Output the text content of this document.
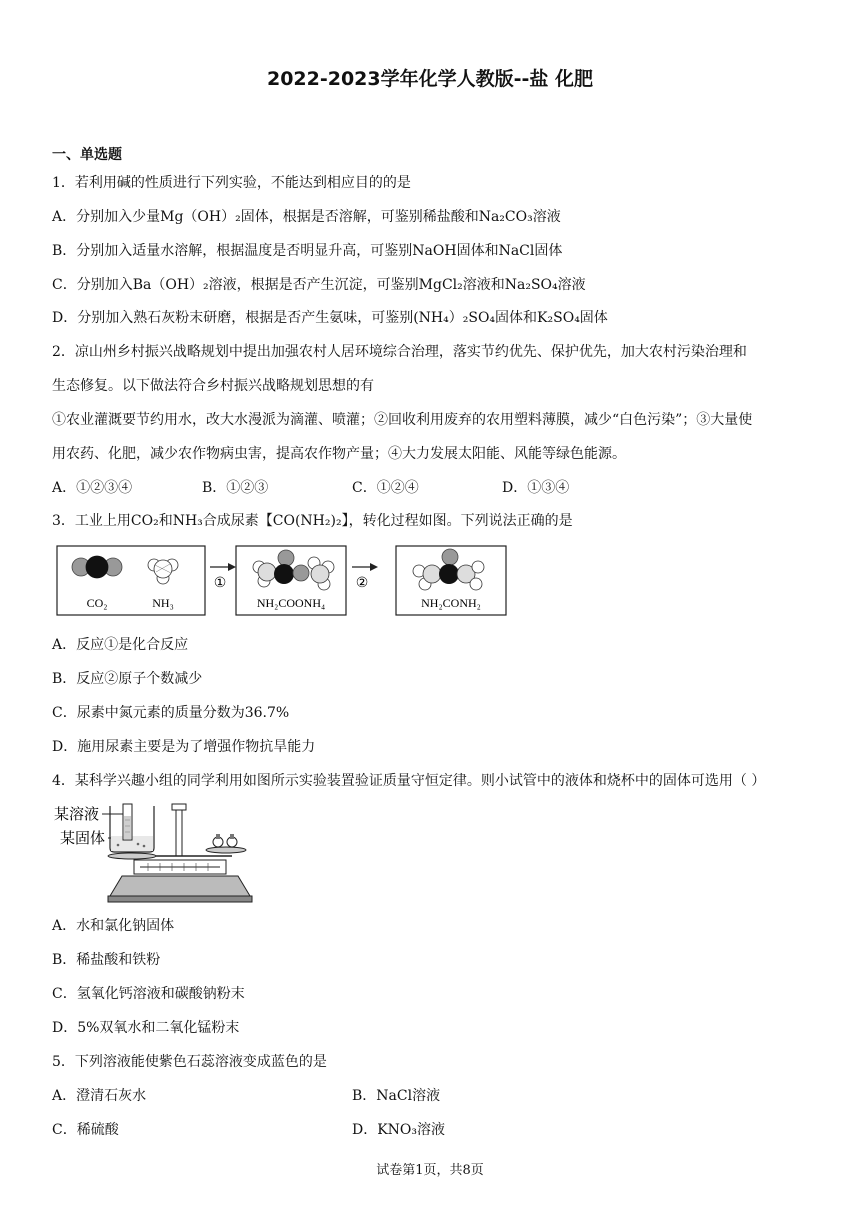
2022-2023学年化学人教版--盐 化肥
一、单选题
1．若利用碱的性质进行下列实验，不能达到相应目的的是
A．分别加入少量Mg（OH）₂固体，根据是否溶解，可鉴别稀盐酸和Na₂CO₃溶液
B．分别加入适量水溶解，根据温度是否明显升高，可鉴别NaOH固体和NaCl固体
C．分别加入Ba（OH）₂溶液，根据是否产生沉淀，可鉴别MgCl₂溶液和Na₂SO₄溶液
D．分别加入熟石灰粉末研磨，根据是否产生氨味，可鉴别(NH₄）₂SO₄固体和K₂SO₄固体
2．凉山州乡村振兴战略规划中提出加强农村人居环境综合治理，落实节约优先、保护优先，加大农村污染治理和
生态修复。以下做法符合乡村振兴战略规划思想的有
①农业灌溉要节约用水，改大水漫派为滴灌、喷灌；②回收利用废弃的农用塑料薄膜，减少“白色污染”；③大量使
用农药、化肥，减少农作物病虫害，提高农作物产量；④大力发展太阳能、风能等绿色能源。
A．①②③④	B．①②③	C．①②④	D．①③④
3．工业上用CO₂和NH₃合成尿素【CO(NH₂)₂】，转化过程如图。下列说法正确的是
CO₂	NH₃
①
NH₂COONH₄
②
NH₂CONH₂
A．反应①是化合反应
B．反应②原子个数减少
C．尿素中氮元素的质量分数为36.7%
D．施用尿素主要是为了增强作物抗旱能力
4．某科学兴趣小组的同学利用如图所示实验装置验证质量守恒定律。则小试管中的液体和烧杯中的固体可选用（ ）
某溶液
某固体
A．水和氯化钠固体
B．稀盐酸和铁粉
C．氢氧化钙溶液和碳酸钠粉末
D．5%双氧水和二氧化锰粉末
5．下列溶液能使紫色石蕊溶液变成蓝色的是
A．澄清石灰水	B．NaCl溶液
C．稀硫酸	D．KNO₃溶液
试卷第1页，共8页
